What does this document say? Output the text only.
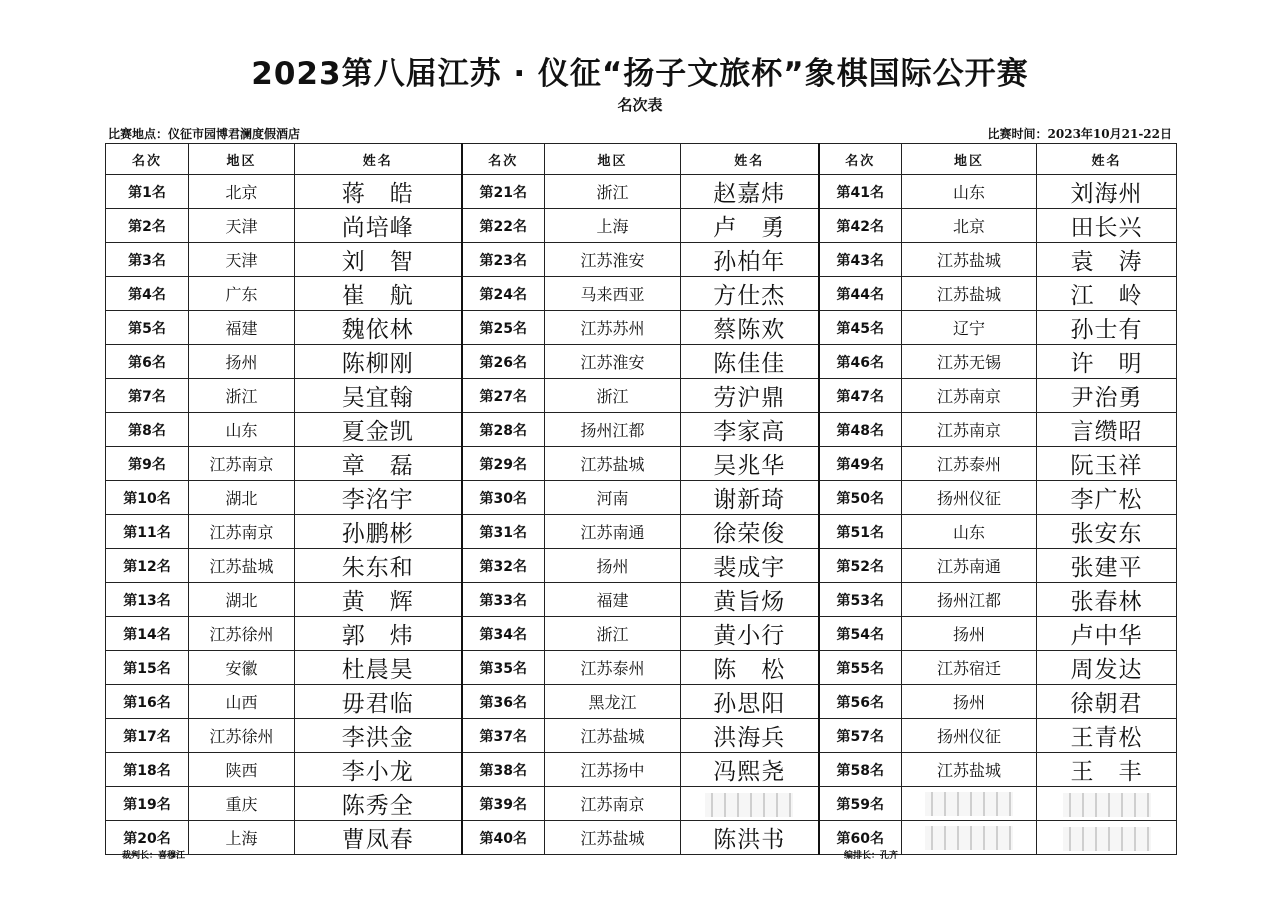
2023第八届江苏 · 仪征“扬子文旅杯”象棋国际公开赛
名次表
比赛地点：仪征市园博君澜度假酒店	比赛时间：2023年10月21-22日
名次	地区	姓名	名次	地区	姓名	名次	地区	姓名
第1名	北京	蒋　皓	第21名	浙江	赵嘉炜	第41名	山东	刘海州
第2名	天津	尚培峰	第22名	上海	卢　勇	第42名	北京	田长兴
第3名	天津	刘　智	第23名	江苏淮安	孙柏年	第43名	江苏盐城	袁　涛
第4名	广东	崔　航	第24名	马来西亚	方仕杰	第44名	江苏盐城	江　岭
第5名	福建	魏依林	第25名	江苏苏州	蔡陈欢	第45名	辽宁	孙士有
第6名	扬州	陈柳刚	第26名	江苏淮安	陈佳佳	第46名	江苏无锡	许　明
第7名	浙江	吴宜翰	第27名	浙江	劳沪鼎	第47名	江苏南京	尹治勇
第8名	山东	夏金凯	第28名	扬州江都	李家高	第48名	江苏南京	言缵昭
第9名	江苏南京	章　磊	第29名	江苏盐城	吴兆华	第49名	江苏泰州	阮玉祥
第10名	湖北	李洺宇	第30名	河南	谢新琦	第50名	扬州仪征	李广松
第11名	江苏南京	孙鹏彬	第31名	江苏南通	徐荣俊	第51名	山东	张安东
第12名	江苏盐城	朱东和	第32名	扬州	裴成宇	第52名	江苏南通	张建平
第13名	湖北	黄　辉	第33名	福建	黄旨炀	第53名	扬州江都	张春林
第14名	江苏徐州	郭　炜	第34名	浙江	黄小行	第54名	扬州	卢中华
第15名	安徽	杜晨昊	第35名	江苏泰州	陈　松	第55名	江苏宿迁	周发达
第16名	山西	毋君临	第36名	黑龙江	孙思阳	第56名	扬州	徐朝君
第17名	江苏徐州	李洪金	第37名	江苏盐城	洪海兵	第57名	扬州仪征	王青松
第18名	陕西	李小龙	第38名	江苏扬中	冯熙尧	第58名	江苏盐城	王　丰
第19名	重庆	陈秀全	第39名	江苏南京		第59名		
第20名	上海	曹凤春	第40名	江苏盐城	陈洪书	第60名		
裁判长：喜穆江	编排长：孔齐
